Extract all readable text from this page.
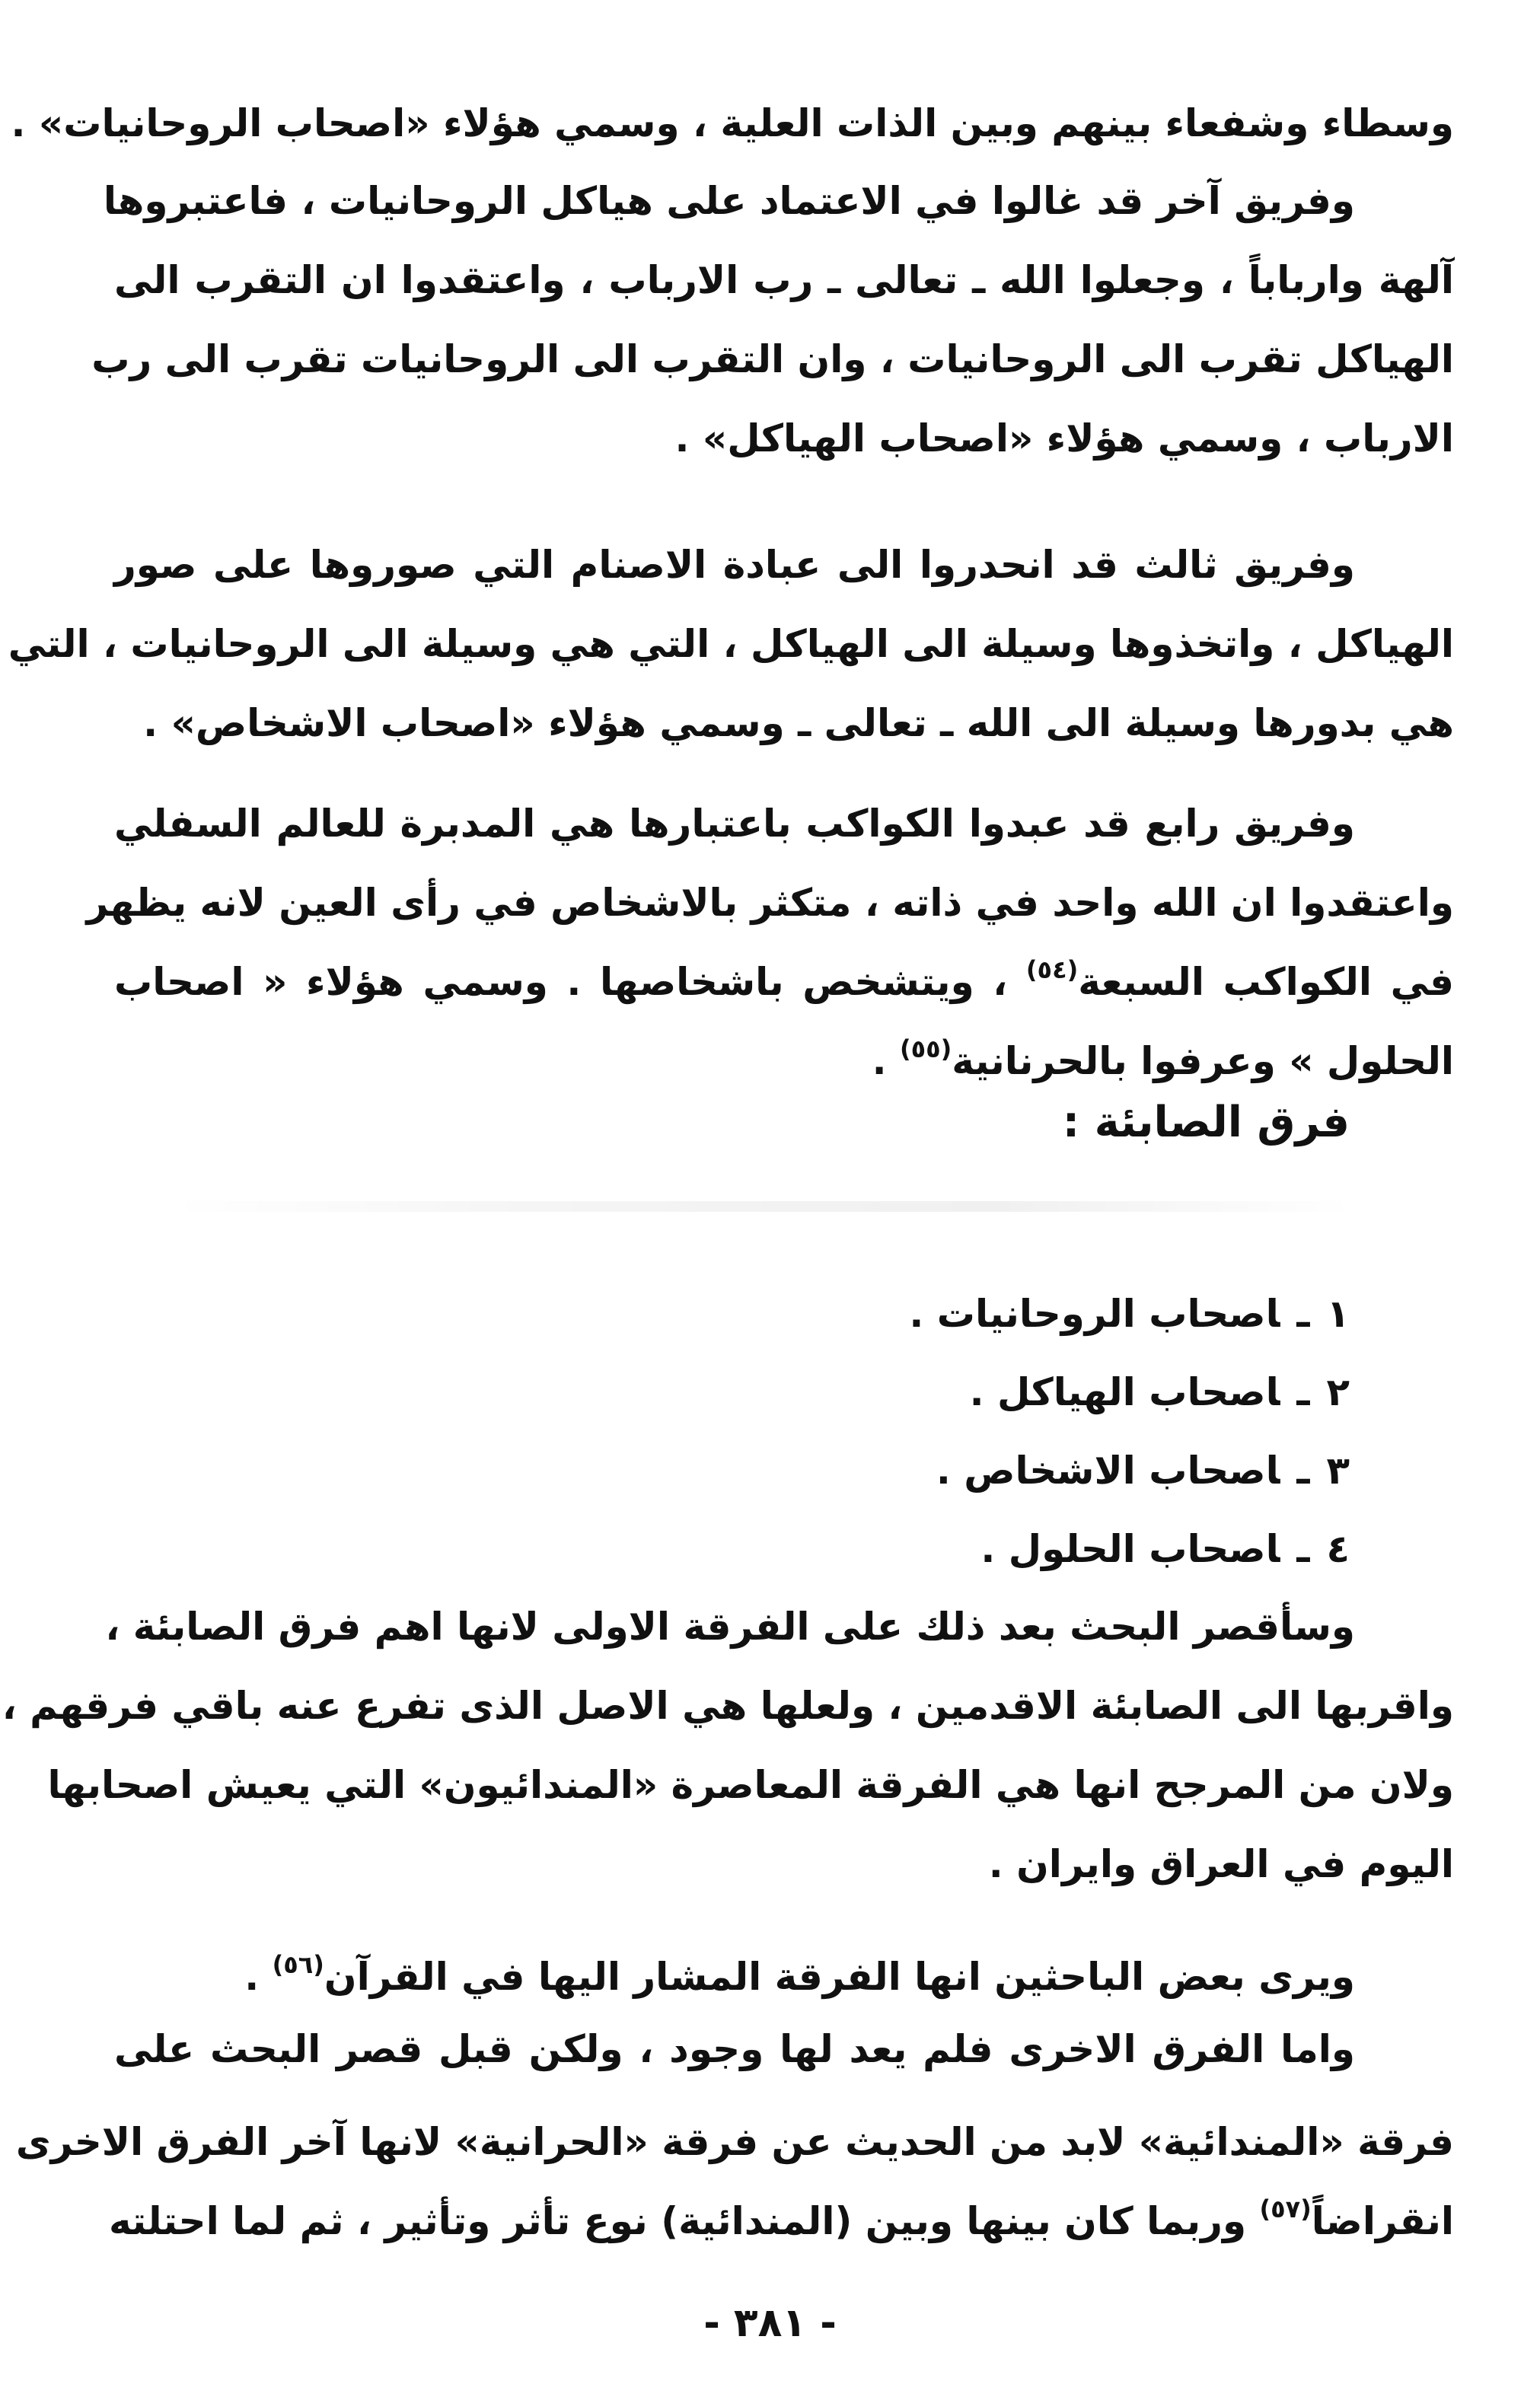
وسطاء وشفعاء بينهم وبين الذات العلية ، وسمي هؤلاء «اصحاب الروحانيات» .
وفريق آخر قد غالوا في الاعتماد على هياكل الروحانيات ، فاعتبروها
آلهة وارباباً ، وجعلوا الله ـ تعالى ـ رب الارباب ، واعتقدوا ان التقرب الى
الهياكل تقرب الى الروحانيات ، وان التقرب الى الروحانيات تقرب الى رب
الارباب ، وسمي هؤلاء «اصحاب الهياكل» .
وفريق ثالث قد انحدروا الى عبادة الاصنام التي صوروها على صور
الهياكل ، واتخذوها وسيلة الى الهياكل ، التي هي وسيلة الى الروحانيات ، التي
هي بدورها وسيلة الى الله ـ تعالى ـ وسمي هؤلاء «اصحاب الاشخاص» .
وفريق رابع قد عبدوا الكواكب باعتبارها هي المدبرة للعالم السفلي
واعتقدوا ان الله واحد في ذاته ، متكثر بالاشخاص في رأى العين لانه يظهر
في الكواكب السبعة$^{(٥٤)}$ ، ويتشخص باشخاصها . وسمي هؤلاء « اصحاب
الحلول » وعرفوا بالحرنانية$^{(٥٥)}$ .
فرق الصابئة :
١ـاصحاب الروحانيات .
٢ـاصحاب الهياكل .
٣ـاصحاب الاشخاص .
٤ـاصحاب الحلول .
وسأقصر البحث بعد ذلك على الفرقة الاولى لانها اهم فرق الصابئة ،
واقربها الى الصابئة الاقدمين ، ولعلها هي الاصل الذى تفرع عنه باقي فرقهم ،
ولان من المرجح انها هي الفرقة المعاصرة «المندائيون» التي يعيش اصحابها
اليوم في العراق وايران .
ويرى بعض الباحثين انها الفرقة المشار اليها في القرآن$^{(٥٦)}$ .
واما الفرق الاخرى فلم يعد لها وجود ، ولكن قبل قصر البحث على
فرقة «المندائية» لابد من الحديث عن فرقة «الحرانية» لانها آخر الفرق الاخرى
انقراضاً$^{(٥٧)}$ وربما كان بينها وبين (المندائية) نوع تأثر وتأثير ، ثم لما احتلته
- ٣٨١ -
